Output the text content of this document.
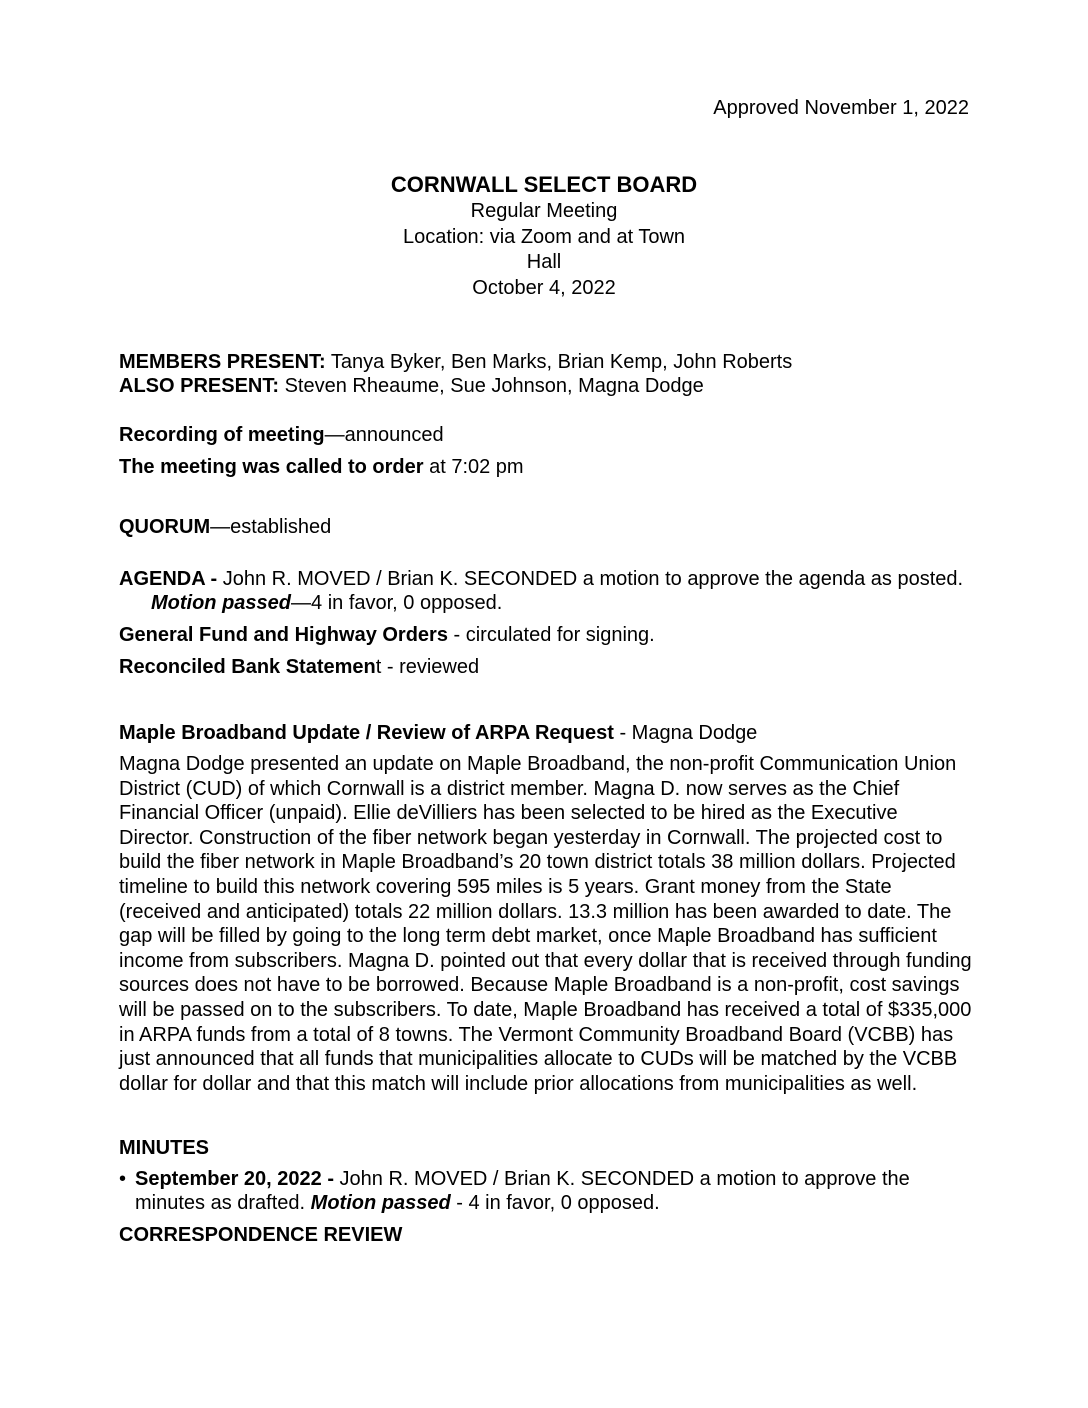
Approved November 1, 2022
CORNWALL SELECT BOARD
Regular Meeting
Location: via Zoom and at Town
Hall
October 4, 2022

MEMBERS PRESENT: Tanya Byker, Ben Marks, Brian Kemp, John Roberts

ALSO PRESENT: Steven Rheaume, Sue Johnson, Magna Dodge

Recording of meeting—announced

The meeting was called to order at 7:02 pm

QUORUM—established

AGENDA - John R. MOVED / Brian K. SECONDED a motion to approve the agenda as posted. Motion passed—4 in favor, 0 opposed.

General Fund and Highway Orders - circulated for signing.

Reconciled Bank Statement - reviewed

Maple Broadband Update / Review of ARPA Request - Magna Dodge

Magna Dodge presented an update on Maple Broadband, the non-profit Communication Union District (CUD) of which Cornwall is a district member. Magna D. now serves as the Chief Financial Officer (unpaid). Ellie deVilliers has been selected to be hired as the Executive Director. Construction of the fiber network began yesterday in Cornwall. The projected cost to build the fiber network in Maple Broadband’s 20 town district totals 38 million dollars. Projected timeline to build this network covering 595 miles is 5 years. Grant money from the State (received and anticipated) totals 22 million dollars. 13.3 million has been awarded to date. The gap will be filled by going to the long term debt market, once Maple Broadband has sufficient income from subscribers. Magna D. pointed out that every dollar that is received through funding sources does not have to be borrowed. Because Maple Broadband is a non-profit, cost savings will be passed on to the subscribers. To date, Maple Broadband has received a total of $335,000 in ARPA funds from a total of 8 towns. The Vermont Community Broadband Board (VCBB) has just announced that all funds that municipalities allocate to CUDs will be matched by the VCBB dollar for dollar and that this match will include prior allocations from municipalities as well.

MINUTES

• September 20, 2022 - John R. MOVED / Brian K. SECONDED a motion to approve the minutes as drafted. Motion passed - 4 in favor, 0 opposed.

CORRESPONDENCE REVIEW
